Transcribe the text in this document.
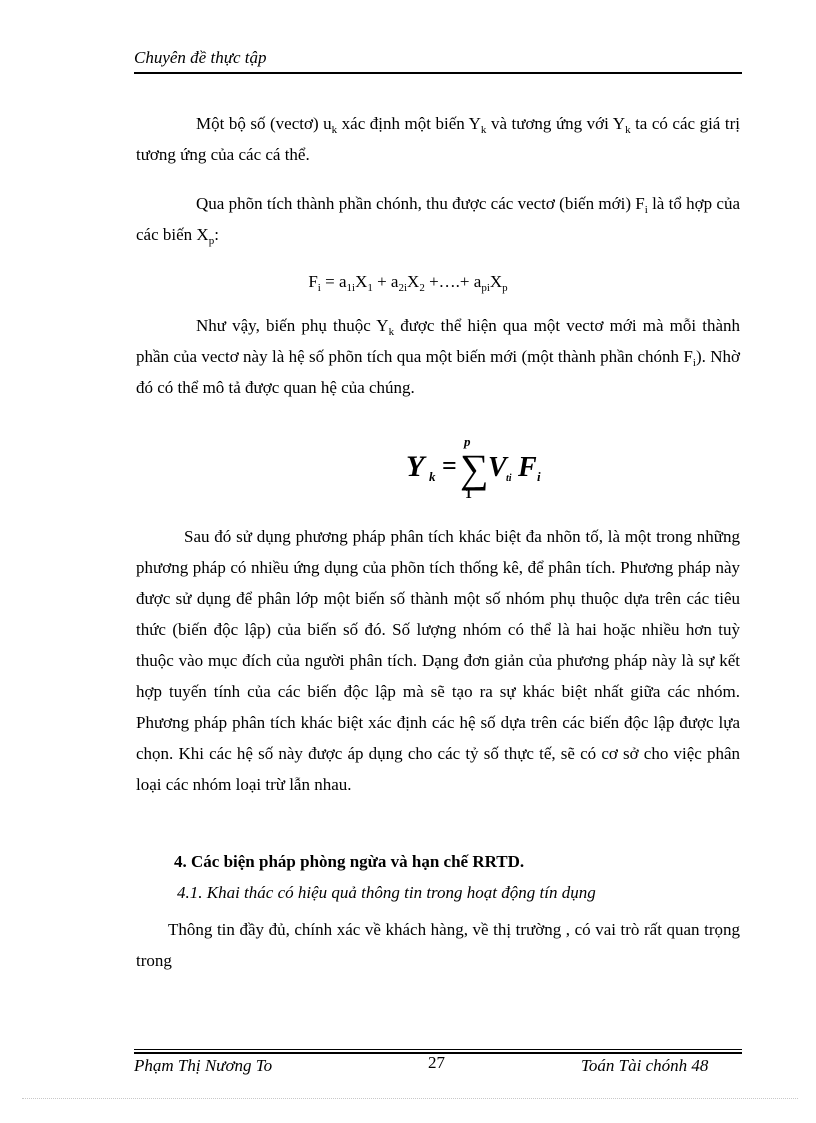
Chuyên đề thực tập
Một bộ số (vectơ) $u_k$ xác định một biến $Y_k$ và tương ứng với $Y_k$ ta có các giá trị tương ứng của các cá thể.
Qua phõn tích thành phần chónh, thu được các vectơ (biến mới) $F_i$ là tổ hợp của các biến $X_p$:
$F_i = a_{1i}X_1 + a_{2i}X_2$ +….+ $a_{pi}X_p$
Như vậy, biến phụ thuộc $Y_k$ được thể hiện qua một vectơ mới mà mỗi thành phần của vectơ này là hệ số phõn tích qua một biến mới (một thành phần chónh $F_i$). Nhờ đó có thể mô tả được quan hệ của chúng.
Y k = ∑
p
1
V ti F i
Sau đó sử dụng phương pháp phân tích khác biệt đa nhõn tố, là một trong những phương pháp có nhiều ứng dụng của phõn tích thống kê, để phân tích. Phương pháp này được sử dụng để phân lớp một biến số thành một số nhóm phụ thuộc dựa trên các tiêu thức (biến độc lập) của biến số đó. Số lượng nhóm có thể là hai hoặc nhiều hơn tuỳ thuộc vào mục đích của người phân tích. Dạng đơn giản của phương pháp này là sự kết hợp tuyến tính của các biến độc lập mà sẽ tạo ra sự khác biệt nhất giữa các nhóm. Phương pháp phân tích khác biệt xác định các hệ số dựa trên các biến độc lập được lựa chọn. Khi các hệ số này được áp dụng cho các tỷ số thực tế, sẽ có cơ sở cho việc phân loại các nhóm loại trừ lẫn nhau.
4. Các biện pháp phòng ngừa và hạn chế RRTD.
4.1. Khai thác có hiệu quả thông tin trong hoạt động tín dụng
Thông tin đầy đủ, chính xác về khách hàng, về thị trường , có vai trò rất quan trọng trong
Phạm Thị Nương To	27	Toán Tài chónh 48
